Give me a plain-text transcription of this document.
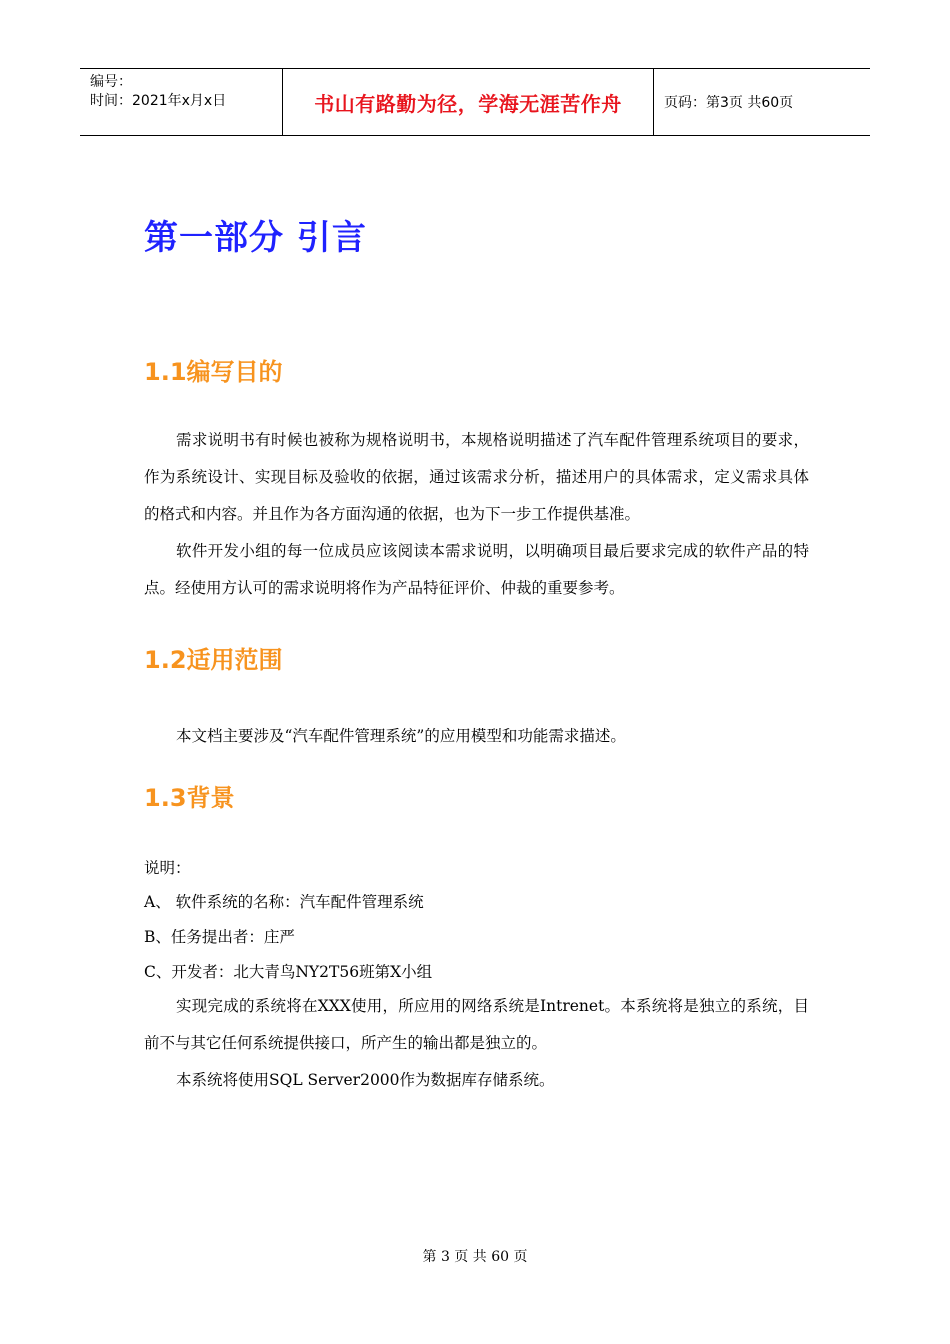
编号：
时间：2021年x月x日	书山有路勤为径，学海无涯苦作舟	页码：第3页 共60页
第一部分 引言
1.1编写目的

需求说明书有时候也被称为规格说明书，本规格说明描述了汽车配件管理系统项目的要求，作为系统设计、实现目标及验收的依据，通过该需求分析，描述用户的具体需求，定义需求具体的格式和内容。并且作为各方面沟通的依据，也为下一步工作提供基准。

软件开发小组的每一位成员应该阅读本需求说明，以明确项目最后要求完成的软件产品的特点。经使用方认可的需求说明将作为产品特征评价、仲裁的重要参考。

1.2适用范围

本文档主要涉及“汽车配件管理系统”的应用模型和功能需求描述。

1.3背景

说明：

A、 软件系统的名称：汽车配件管理系统

B、任务提出者：庄严

C、开发者：北大青鸟NY2T56班第X小组

实现完成的系统将在XXX使用，所应用的网络系统是Intrenet。本系统将是独立的系统，目前不与其它任何系统提供接口，所产生的输出都是独立的。

本系统将使用SQL Server2000作为数据库存储系统。

第 3 页 共 60 页
